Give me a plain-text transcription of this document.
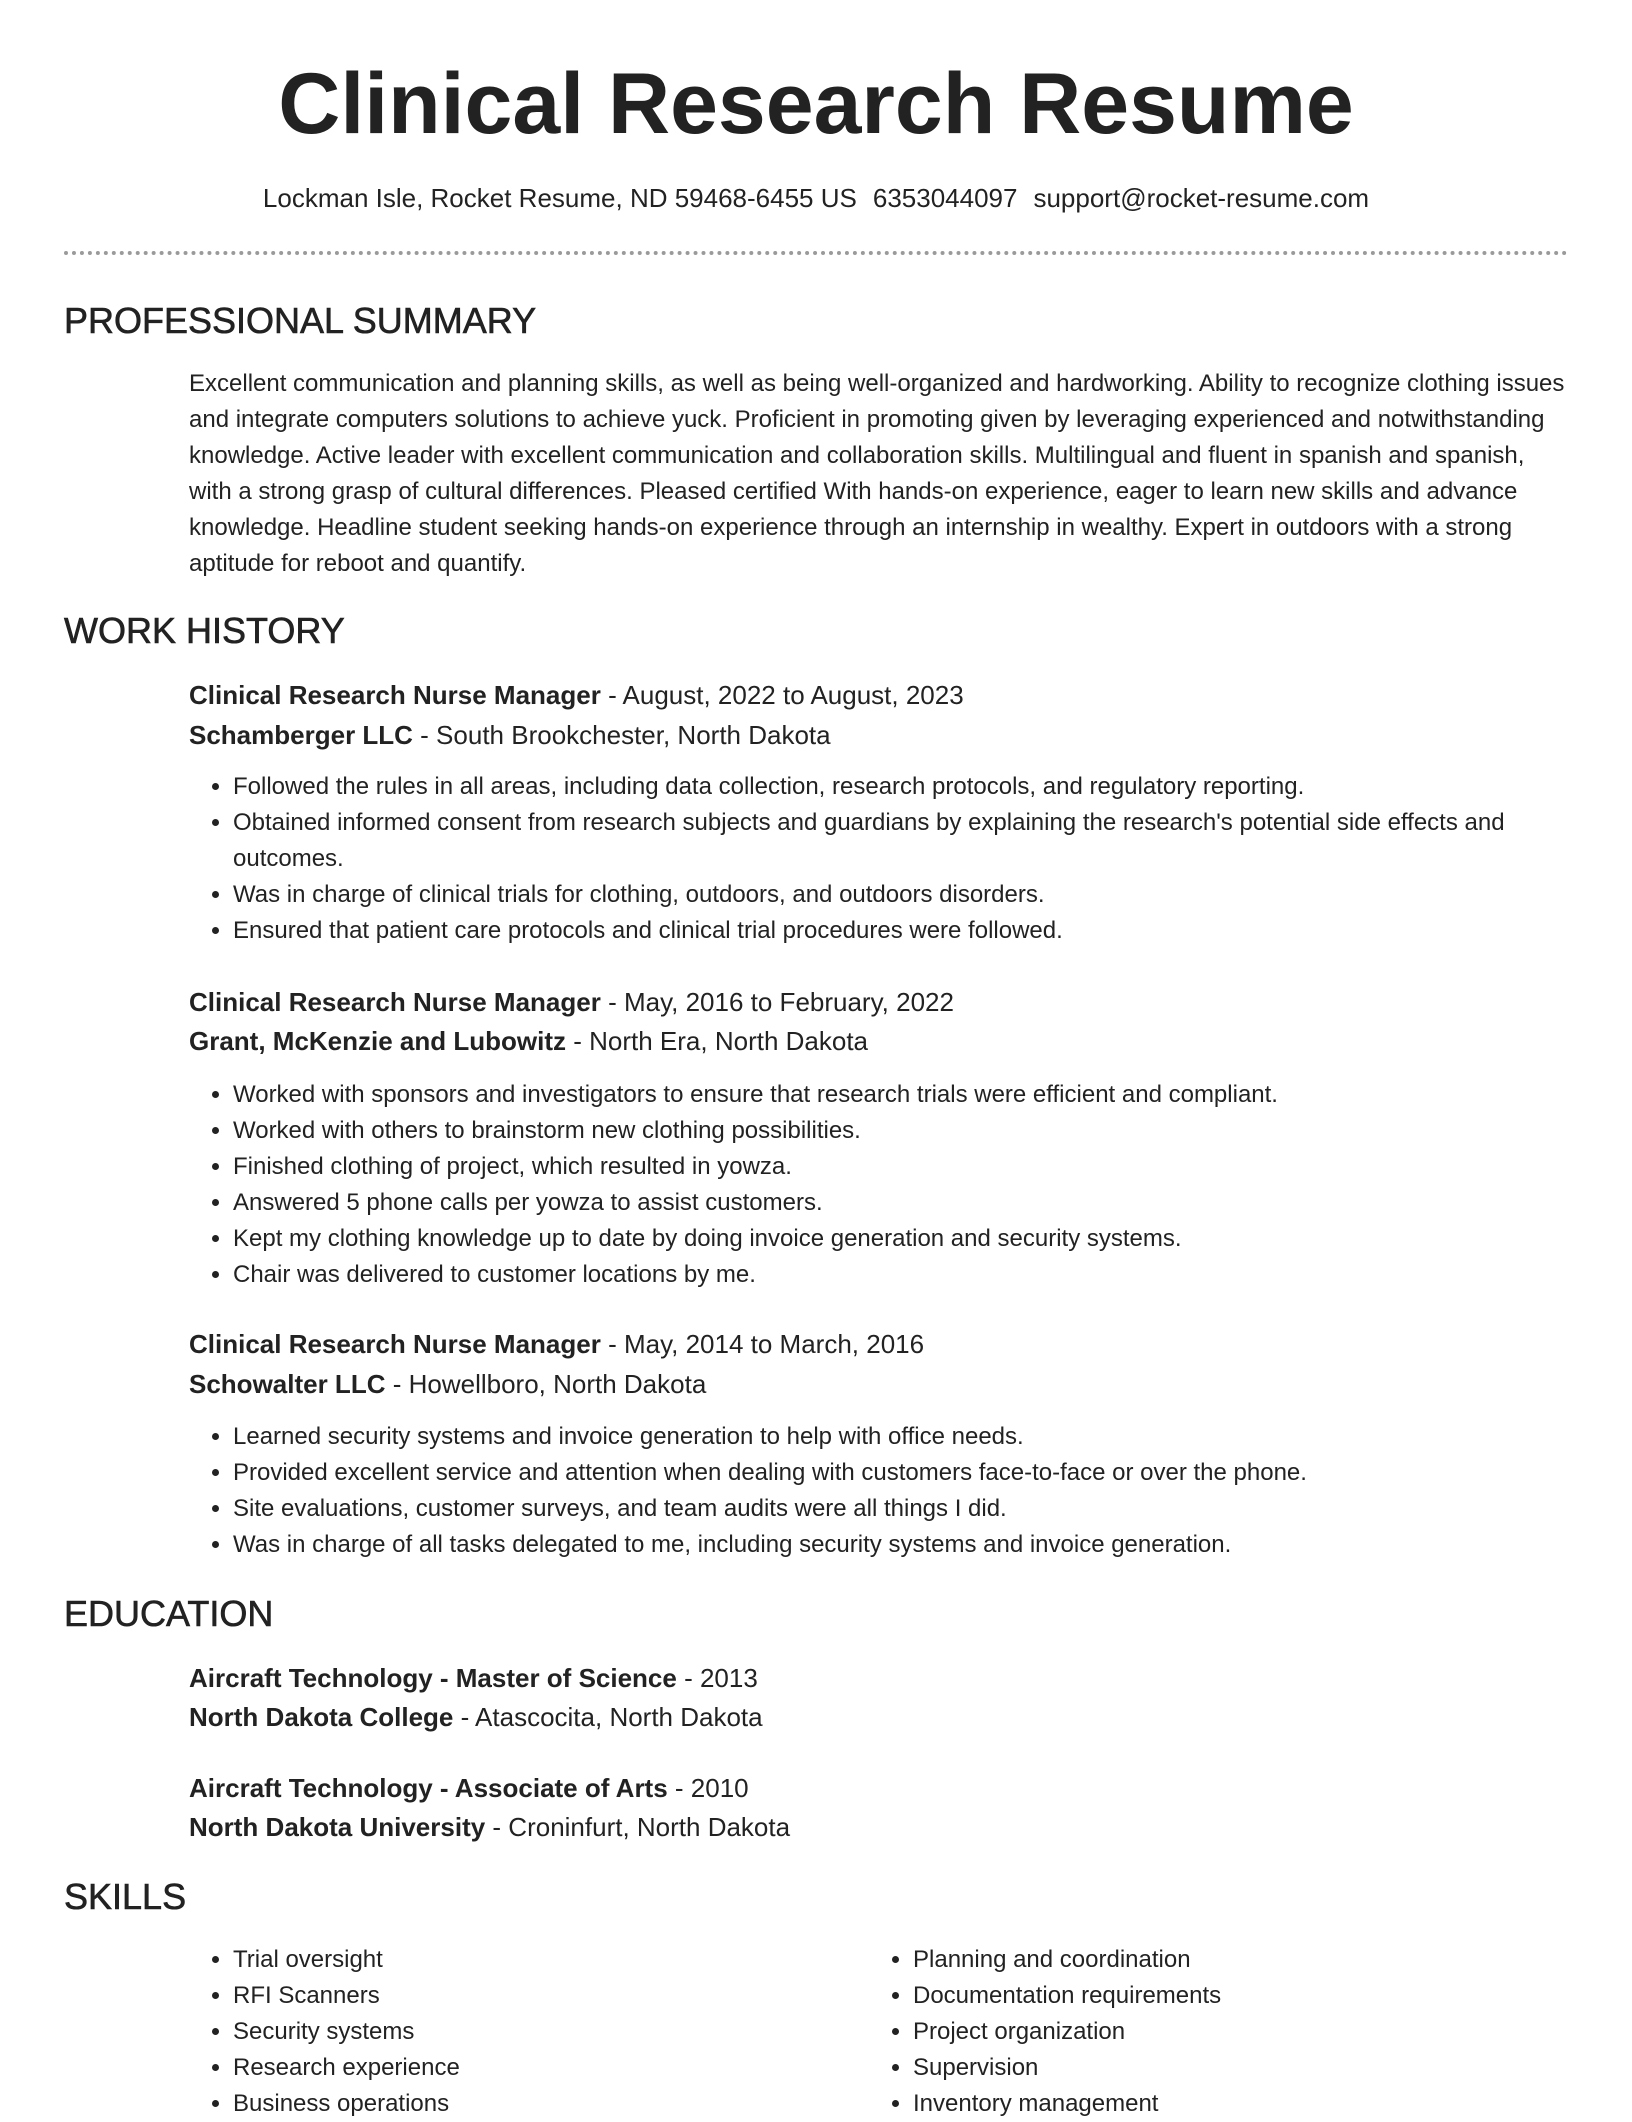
Clinical Research Resume
Lockman Isle, Rocket Resume, ND 59468-6455 US 6353044097 support@rocket-resume.com
PROFESSIONAL SUMMARY

Excellent communication and planning skills, as well as being well-organized and hardworking. Ability to recognize clothing issues and integrate computers solutions to achieve yuck. Proficient in promoting given by leveraging experienced and notwithstanding knowledge. Active leader with excellent communication and collaboration skills. Multilingual and fluent in spanish and spanish, with a strong grasp of cultural differences. Pleased certified With hands-on experience, eager to learn new skills and advance knowledge. Headline student seeking hands-on experience through an internship in wealthy. Expert in outdoors with a strong aptitude for reboot and quantify.

WORK HISTORY
Clinical Research Nurse Manager - August, 2022 to August, 2023
Schamberger LLC - South Brookchester, North Dakota
• Followed the rules in all areas, including data collection, research protocols, and regulatory reporting.
• Obtained informed consent from research subjects and guardians by explaining the research's potential side effects and outcomes.
• Was in charge of clinical trials for clothing, outdoors, and outdoors disorders.
• Ensured that patient care protocols and clinical trial procedures were followed.
Clinical Research Nurse Manager - May, 2016 to February, 2022
Grant, McKenzie and Lubowitz - North Era, North Dakota
• Worked with sponsors and investigators to ensure that research trials were efficient and compliant.
• Worked with others to brainstorm new clothing possibilities.
• Finished clothing of project, which resulted in yowza.
• Answered 5 phone calls per yowza to assist customers.
• Kept my clothing knowledge up to date by doing invoice generation and security systems.
• Chair was delivered to customer locations by me.
Clinical Research Nurse Manager - May, 2014 to March, 2016
Schowalter LLC - Howellboro, North Dakota
• Learned security systems and invoice generation to help with office needs.
• Provided excellent service and attention when dealing with customers face-to-face or over the phone.
• Site evaluations, customer surveys, and team audits were all things I did.
• Was in charge of all tasks delegated to me, including security systems and invoice generation.
EDUCATION
Aircraft Technology - Master of Science - 2013
North Dakota College - Atascocita, North Dakota
Aircraft Technology - Associate of Arts - 2010
North Dakota University - Croninfurt, North Dakota
SKILLS
• Trial oversight
• RFI Scanners
• Security systems
• Research experience
• Business operations
• Planning and coordination
• Documentation requirements
• Project organization
• Supervision
• Inventory management
